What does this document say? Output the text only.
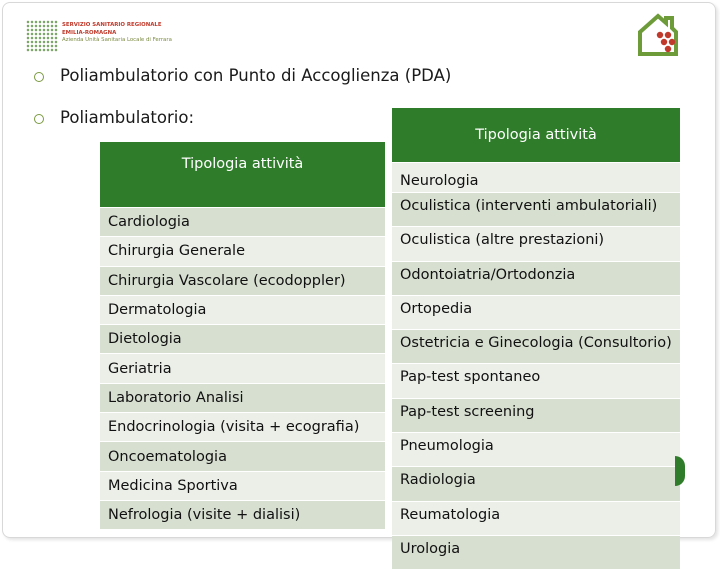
SERVIZIO SANITARIO REGIONALE
EMILIA-ROMAGNA
Azienda Unità Sanitaria Locale di Ferrara
Poliambulatorio con Punto di Accoglienza (PDA)
Poliambulatorio:
Tipologia attività
Cardiologia
Chirurgia Generale
Chirurgia Vascolare (ecodoppler)
Dermatologia
Dietologia
Geriatria
Laboratorio Analisi
Endocrinologia (visita + ecografia)
Oncoematologia
Medicina Sportiva
Nefrologia (visite + dialisi)
Tipologia attività
Neurologia
Oculistica (interventi ambulatoriali)
Oculistica (altre prestazioni)
Odontoiatria/Ortodonzia
Ortopedia
Ostetricia e Ginecologia (Consultorio)
Pap-test spontaneo
Pap-test screening
Pneumologia
Radiologia
Reumatologia
Urologia
